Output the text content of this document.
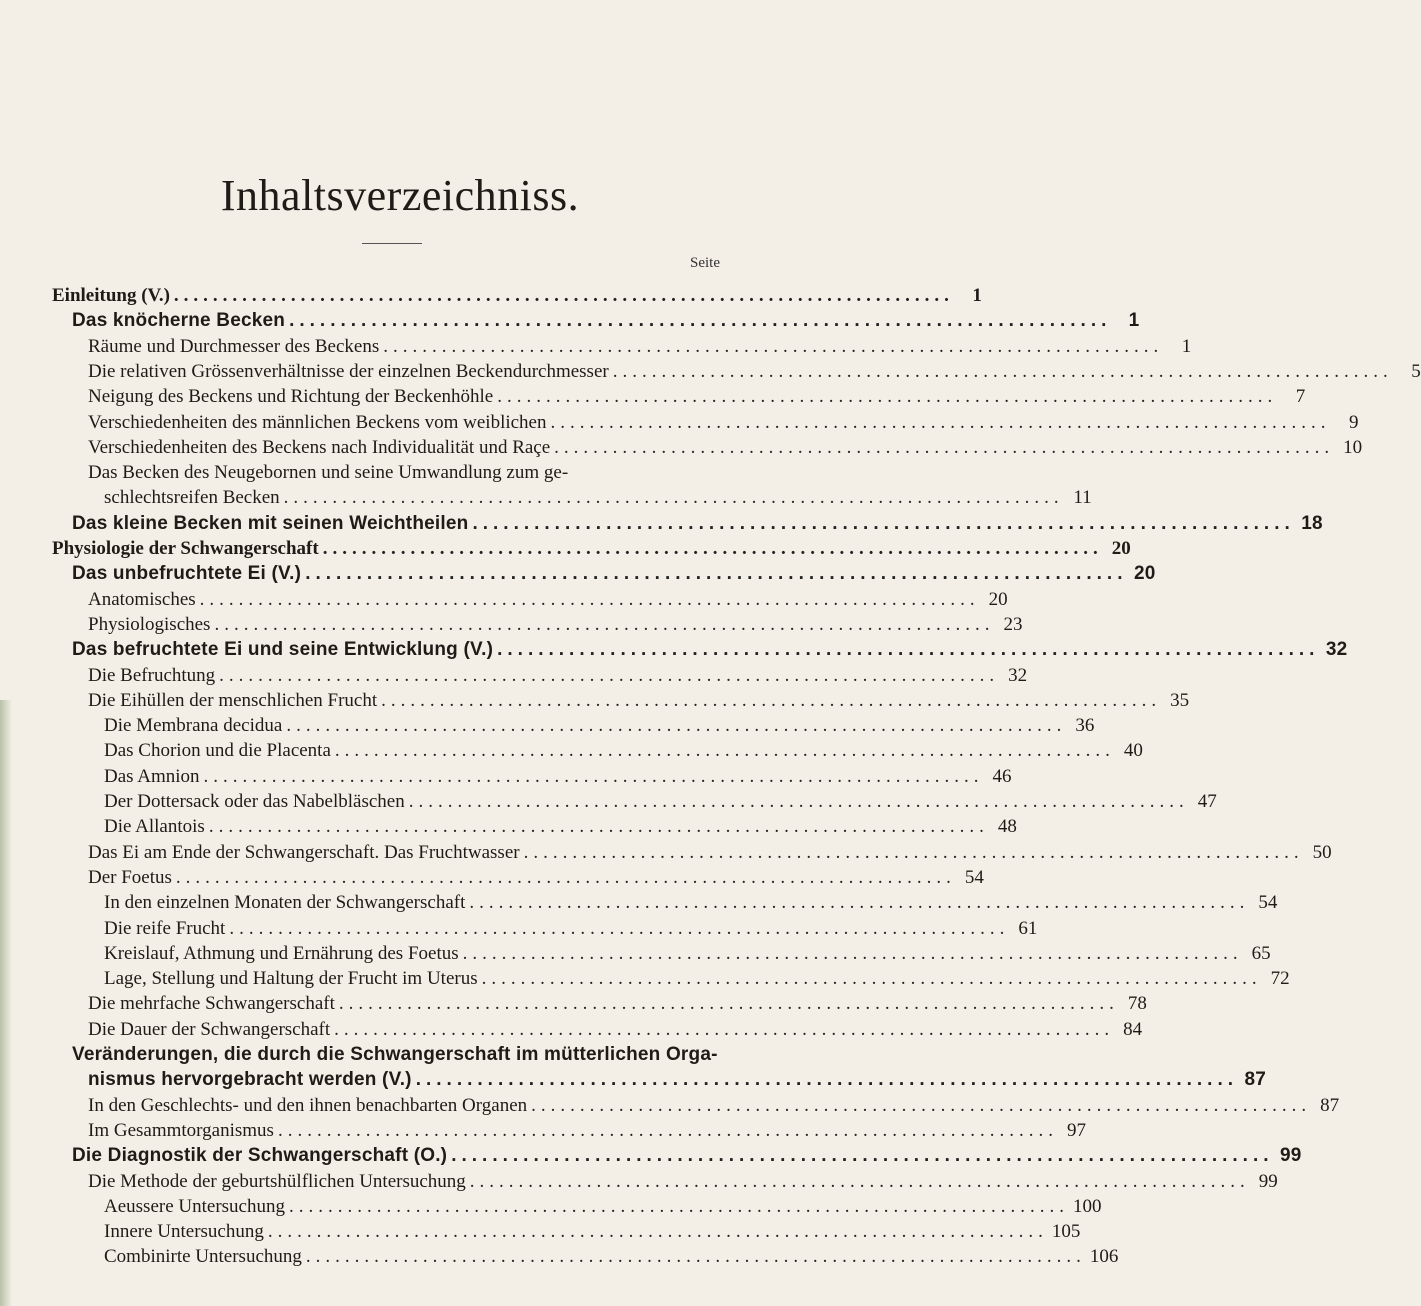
Inhaltsverzeichniss.
Seite
Einleitung (V.) ................................................................................ 1
Das knöcherne Becken ................................................................................ 1
Räume und Durchmesser des Beckens ................................................................................ 1
Die relativen Grössenverhältnisse der einzelnen Beckendurchmesser ................................................................................ 5
Neigung des Beckens und Richtung der Beckenhöhle ................................................................................ 7
Verschiedenheiten des männlichen Beckens vom weiblichen ................................................................................ 9
Verschiedenheiten des Beckens nach Individualität und Raçe ................................................................................ 10
Das Becken des Neugebornen und seine Umwandlung zum ge-
schlechtsreifen Becken ................................................................................ 11
Das kleine Becken mit seinen Weichtheilen ................................................................................ 18
Physiologie der Schwangerschaft ................................................................................ 20
Das unbefruchtete Ei (V.) ................................................................................ 20
Anatomisches ................................................................................ 20
Physiologisches ................................................................................ 23
Das befruchtete Ei und seine Entwicklung (V.) ................................................................................ 32
Die Befruchtung ................................................................................ 32
Die Eihüllen der menschlichen Frucht ................................................................................ 35
Die Membrana decidua ................................................................................ 36
Das Chorion und die Placenta ................................................................................ 40
Das Amnion ................................................................................ 46
Der Dottersack oder das Nabelbläschen ................................................................................ 47
Die Allantois ................................................................................ 48
Das Ei am Ende der Schwangerschaft. Das Fruchtwasser ................................................................................ 50
Der Foetus ................................................................................ 54
In den einzelnen Monaten der Schwangerschaft ................................................................................ 54
Die reife Frucht ................................................................................ 61
Kreislauf, Athmung und Ernährung des Foetus ................................................................................ 65
Lage, Stellung und Haltung der Frucht im Uterus ................................................................................ 72
Die mehrfache Schwangerschaft ................................................................................ 78
Die Dauer der Schwangerschaft ................................................................................ 84
Veränderungen, die durch die Schwangerschaft im mütterlichen Orga-
nismus hervorgebracht werden (V.) ................................................................................ 87
In den Geschlechts- und den ihnen benachbarten Organen ................................................................................ 87
Im Gesammtorganismus ................................................................................ 97
Die Diagnostik der Schwangerschaft (O.) ................................................................................ 99
Die Methode der geburtshülflichen Untersuchung ................................................................................ 99
Aeussere Untersuchung ................................................................................ 100
Innere Untersuchung ................................................................................ 105
Combinirte Untersuchung ................................................................................ 106
